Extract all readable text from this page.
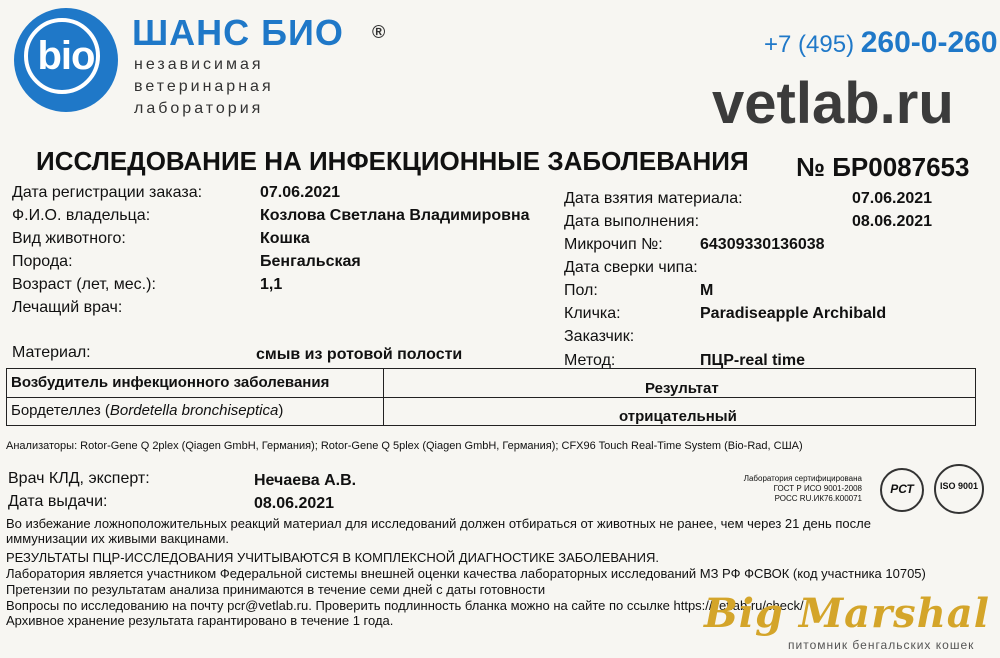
bio
ШАНС БИО ®
независимая
ветеринарная
лаборатория
+7 (495) 260-0-260
vetlab.ru
ИССЛЕДОВАНИЕ НА ИНФЕКЦИОННЫЕ ЗАБОЛЕВАНИЯ № БР0087653
Дата регистрации заказа:	07.06.2021
Ф.И.О. владельца:	Козлова Светлана Владимировна
Вид животного:	Кошка
Порода:	Бенгальская
Возраст (лет, мес.):	1,1
Лечащий врач:
Дата взятия материала:	07.06.2021
Дата выполнения:	08.06.2021
Микрочип №: 64309330136038
Дата сверки чипа:
Пол:	М
Кличка:	Paradiseapple Archibald
Заказчик:
Материал:	смыв из ротовой полости	Метод:	ПЦР-real time
Возбудитель инфекционного заболевания	Результат
Бордетеллез (Bordetella bronchiseptica)	отрицательный
Анализаторы: Rotor-Gene Q 2plex (Qiagen GmbH, Германия); Rotor-Gene Q 5plex (Qiagen GmbH, Германия); CFX96 Touch Real-Time System (Bio-Rad, США)
Врач КЛД, эксперт:	Нечаева А.В.
Дата выдачи:	08.06.2021
Лаборатория сертифицирована
ГОСТ Р ИСО 9001-2008
РОСС RU.ИК76.К00071
РСТ	ISO 9001
Во избежание ложноположительных реакций материал для исследований должен отбираться от животных не ранее, чем через 21 день после
иммунизации их живыми вакцинами.
РЕЗУЛЬТАТЫ ПЦР-ИССЛЕДОВАНИЯ УЧИТЫВАЮТСЯ В КОМПЛЕКСНОЙ ДИАГНОСТИКЕ ЗАБОЛЕВАНИЯ.
Лаборатория является участником Федеральной системы внешней оценки качества лабораторных исследований МЗ РФ ФСВОК (код участника 10705)
Претензии по результатам анализа принимаются в течение семи дней с даты готовности
Вопросы по исследованию на почту pcr@vetlab.ru. Проверить подлинность бланка можно на сайте по ссылке https://vetlab.ru/check/
Архивное хранение результата гарантировано в течение 1 года.	Big Marshal
питомник бенгальских кошек
